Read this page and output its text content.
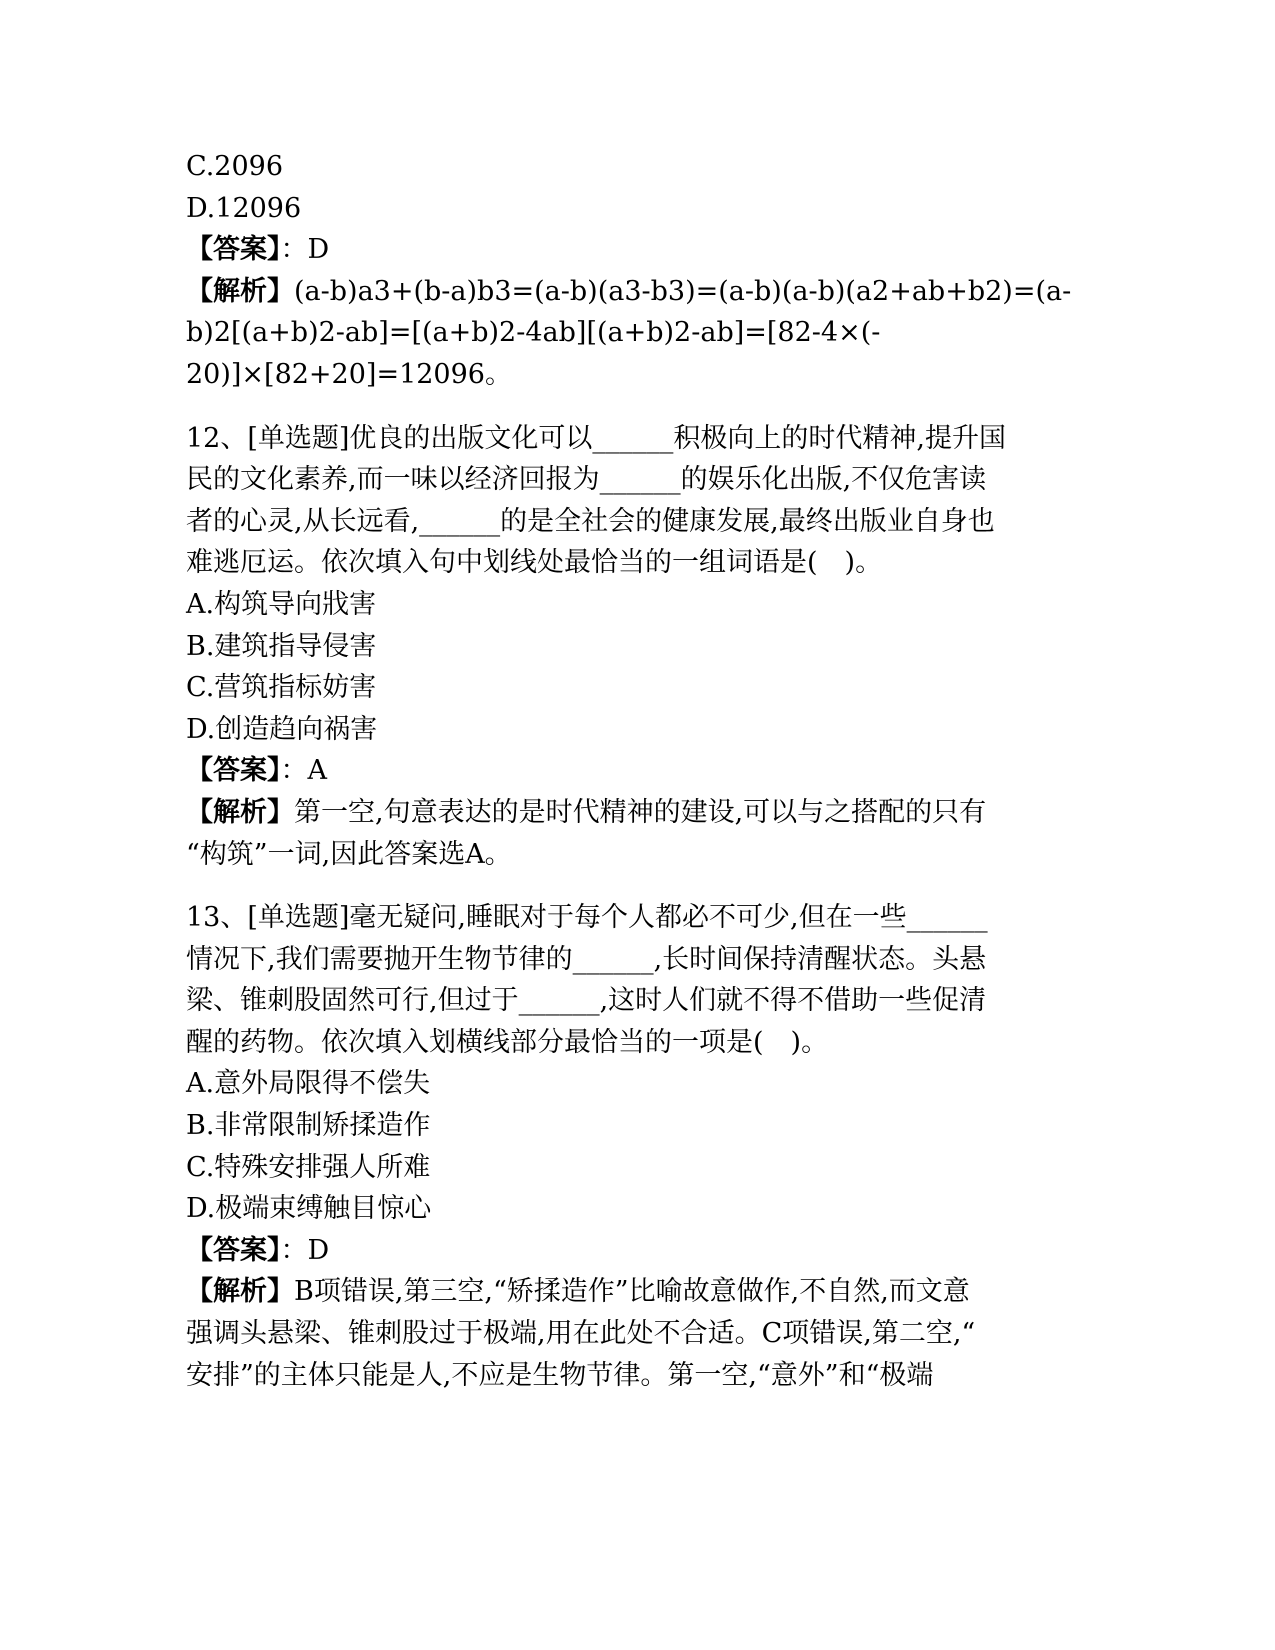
C.2096
D.12096
【答案】：D
【解析】(a-b)a3+(b-a)b3=(a-b)(a3-b3)=(a-b)(a-b)(a2+ab+b2)=(a-
b)2[(a+b)2-ab]=[(a+b)2-4ab][(a+b)2-ab]=[82-4×(-
20)]×[82+20]=12096。
12、[单选题]优良的出版文化可以______积极向上的时代精神,提升国
民的文化素养,而一味以经济回报为______的娱乐化出版,不仅危害读
者的心灵,从长远看,______的是全社会的健康发展,最终出版业自身也
难逃厄运。依次填入句中划线处最恰当的一组词语是(　)。
A.构筑导向戕害
B.建筑指导侵害
C.营筑指标妨害
D.创造趋向祸害
【答案】：A
【解析】第一空,句意表达的是时代精神的建设,可以与之搭配的只有
“构筑”一词,因此答案选A。
13、[单选题]毫无疑问,睡眠对于每个人都必不可少,但在一些______
情况下,我们需要抛开生物节律的______,长时间保持清醒状态。头悬
梁、锥刺股固然可行,但过于______,这时人们就不得不借助一些促清
醒的药物。依次填入划横线部分最恰当的一项是(　)。
A.意外局限得不偿失
B.非常限制矫揉造作
C.特殊安排强人所难
D.极端束缚触目惊心
【答案】：D
【解析】B项错误,第三空,“矫揉造作”比喻故意做作,不自然,而文意
强调头悬梁、锥刺股过于极端,用在此处不合适。C项错误,第二空,“
安排”的主体只能是人,不应是生物节律。第一空,“意外”和“极端
